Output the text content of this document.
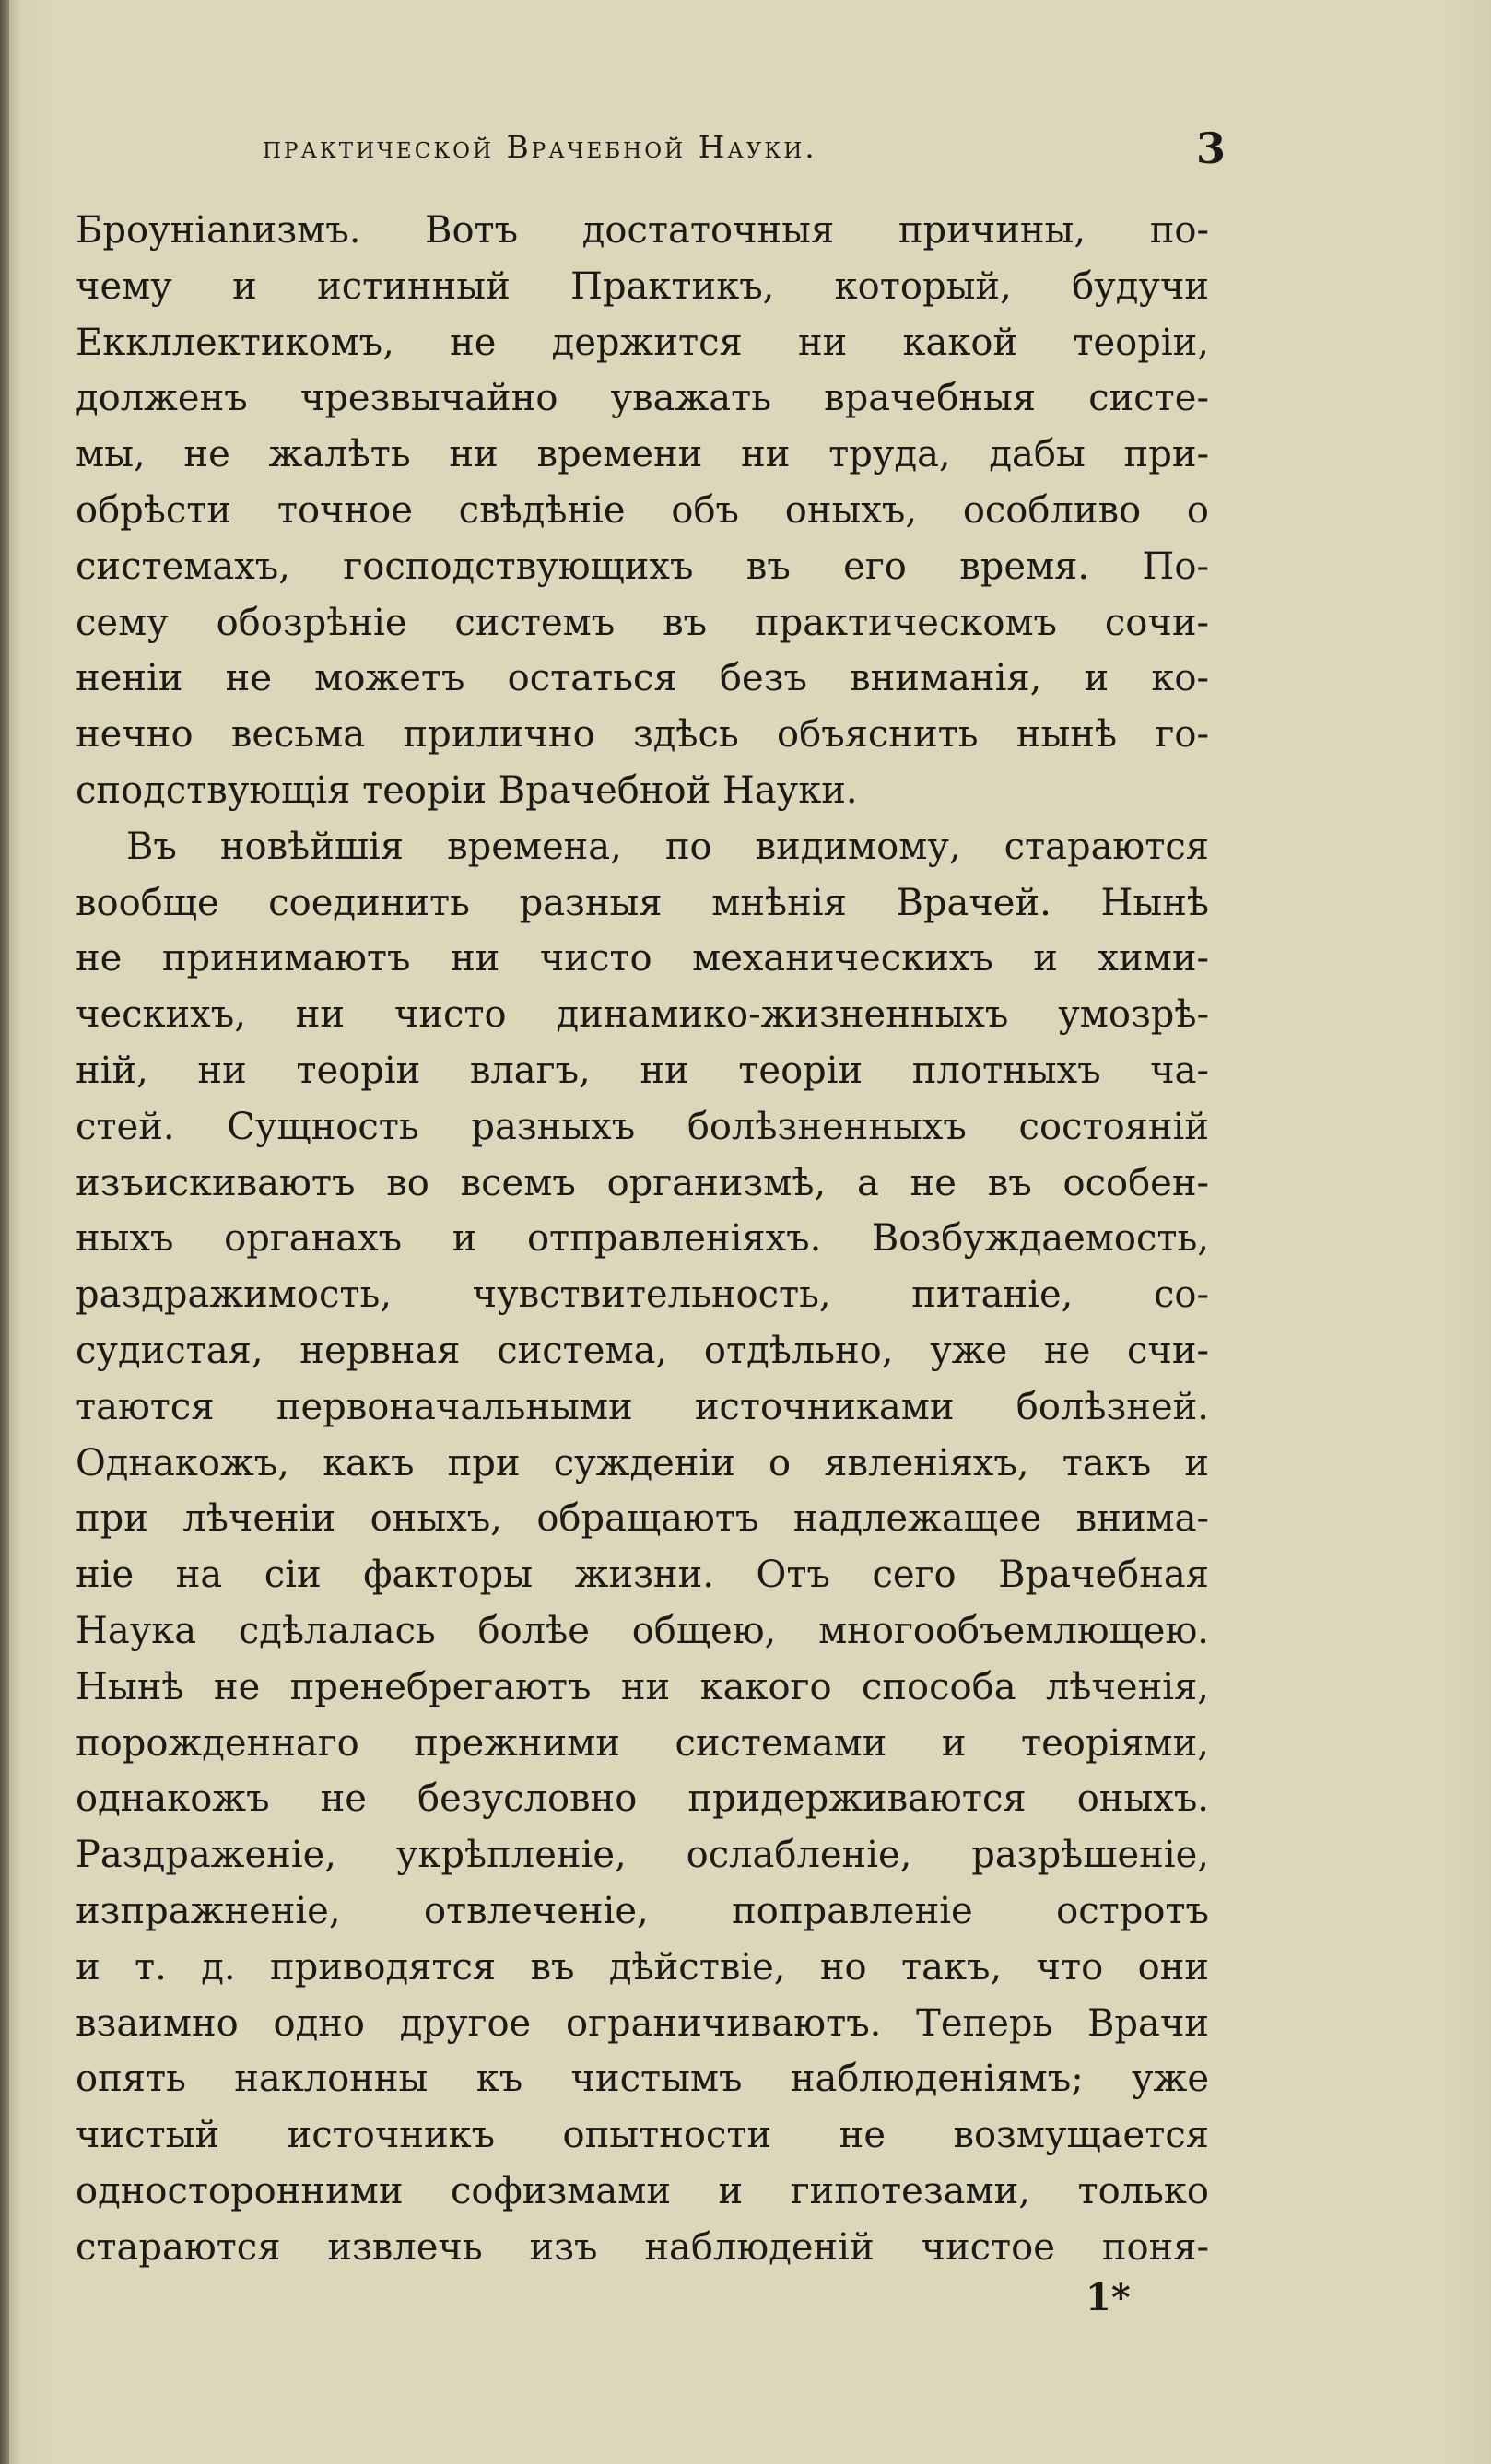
практической Врачебной Науки.	3
Броунianизмъ. Вотъ достаточныя причины, по-
чему и истинный Практикъ, который, будучи
Еккллектикомъ, не держится ни какой теорiи,
долженъ чрезвычайно уважать врачебныя систе-
мы, не жалѣть ни времени ни труда, дабы при-
обрѣсти точное свѣдѣнiе объ оныхъ, особливо о
системахъ, господствующихъ въ его время. По-
сему обозрѣнiе системъ въ практическомъ сочи-
ненiи не можетъ остаться безъ вниманiя, и ко-
нечно весьма прилично здѣсь объяснить нынѣ го-
сподствующiя теорiи Врачебной Науки.
Въ новѣйшiя времена, по видимому, стараются
вообще соединить разныя мнѣнiя Врачей. Нынѣ
не принимаютъ ни чисто механическихъ и хими-
ческихъ, ни чисто динамико-жизненныхъ умозрѣ-
нiй, ни теорiи влагъ, ни теорiи плотныхъ ча-
стей. Сущность разныхъ болѣзненныхъ состоянiй
изъискиваютъ во всемъ организмѣ, а не въ особен-
ныхъ органахъ и отправленiяхъ. Возбуждаемость,
раздражимость, чувствительность, питанiе, со-
судистая, нервная система, отдѣльно, уже не счи-
таются первоначальными источниками болѣзней.
Однакожъ, какъ при сужденiи о явленiяхъ, такъ и
при лѣченiи оныхъ, обращаютъ надлежащее внима-
нiе на сiи факторы жизни. Отъ сего Врачебная
Наука сдѣлалась болѣе общею, многообъемлющею.
Нынѣ не пренебрегаютъ ни какого способа лѣченiя,
порожденнаго прежними системами и теорiями,
однакожъ не безусловно придерживаются оныхъ.
Раздраженiе, укрѣпленiе, ослабленiе, разрѣшенiе,
изпражненiе, отвлеченiе, поправленiе остротъ
и т. д. приводятся въ дѣйствiе, но такъ, что они
взаимно одно другое ограничиваютъ. Теперь Врачи
опять наклонны къ чистымъ наблюденiямъ; уже
чистый источникъ опытности не возмущается
односторонними софизмами и гипотезами, только
стараются извлечь изъ наблюденiй чистое поня-
1*
